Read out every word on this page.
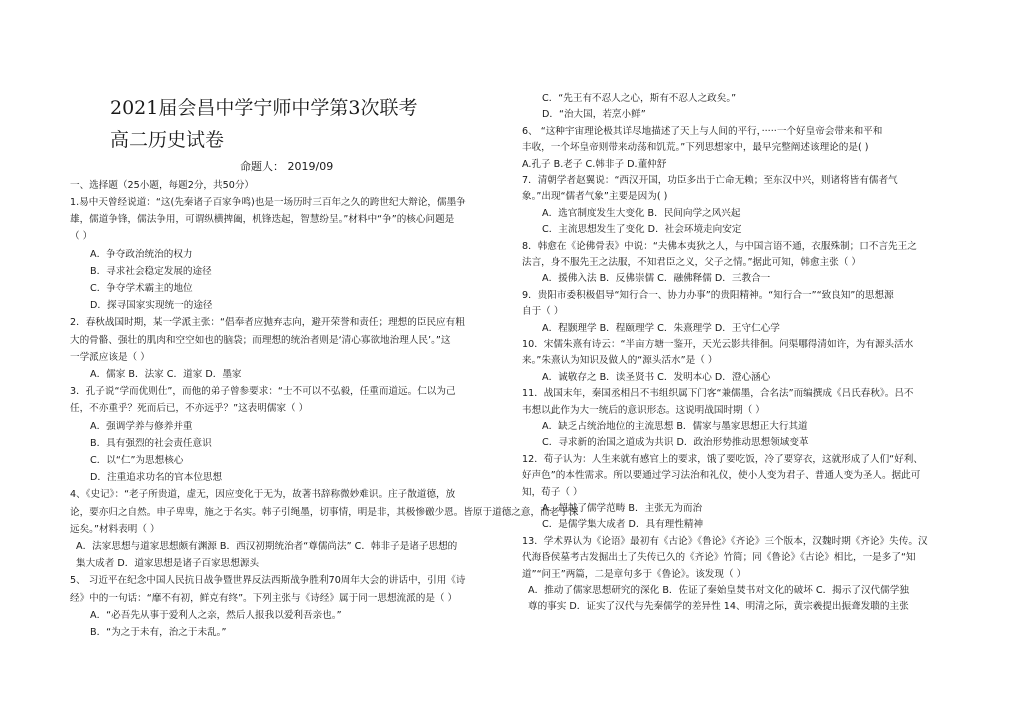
2021届会昌中学宁师中学第3次联考
高二历史试卷
命题人： 2019/09
一、选择题（25小题，每题2分，共50分）
1.易中天曾经说道：“这(先秦诸子百家争鸣)也是一场历时三百年之久的跨世纪大辩论，儒墨争
雄，儒道争锋，儒法争用，可谓纵横捭阖，机锋迭起，智慧纷呈。”材料中“争”的核心问题是
（ ）
A．争夺政治统治的权力
B．寻求社会稳定发展的途径
C．争夺学术霸主的地位
D．探寻国家实现统一的途径
2．春秋战国时期，某一学派主张：“倡奉者应抛弃志向，避开荣誉和责任；理想的臣民应有粗
大的骨骼、强壮的肌肉和空空如也的脑袋；而理想的统治者则是‘清心寡欲地治理人民’。”这
一学派应该是（ ）
A．儒家 B．法家 C．道家 D．墨家
3．孔子说“学而优则仕”，而他的弟子曾参要求：“士不可以不弘毅，任重而道远。仁以为己
任，不亦重乎？死而后已，不亦远乎？”这表明儒家（ ）
A．强调学养与修养并重
B．具有强烈的社会责任意识
C．以“仁”为思想核心
D．注重追求功名的官本位思想
4、《史记》：“老子所贵道，虚无，因应变化于无为，故著书辞称微妙难识。庄子散道德，放
论，要亦归之自然。申子卑卑，施之于名实。韩子引绳墨，切事情，明是非，其极惨礉少恩。皆原于道德之意，而老子深
远矣。”材料表明（ ）
A．法家思想与道家思想颇有渊源 B．西汉初期统治者“尊儒尚法” C．韩非子是诸子思想的
集大成者 D．道家思想是诸子百家思想源头
5、 习近平在纪念中国人民抗日战争暨世界反法西斯战争胜利70周年大会的讲话中，引用《诗
经》中的一句话：“靡不有初，鲜克有终”。下列主张与《诗经》属于同一思想流派的是（ ）
A．“必吾先从事于爱利人之亲，然后人报我以爱利吾亲也。”
B．“为之于未有，治之于未乱。”
C．“先王有不忍人之心，斯有不忍人之政矣。”
D．“治大国，若烹小鲜”
6、 “这种宇宙理论极其详尽地描述了天上与人间的平行，·····一个好皇帝会带来和平和
丰收，一个坏皇帝则带来动荡和饥荒。”下列思想家中，最早完整阐述该理论的是( )
A.孔子 B.老子 C.韩非子 D.董仲舒
7．清朝学者赵翼说：“西汉开国，功臣多出于亡命无赖；至东汉中兴，则诸将皆有儒者气
象。”出现“儒者气象”主要是因为( )
A．选官制度发生大变化 B．民间向学之风兴起
C．主流思想发生了变化 D．社会环境走向安定
8．韩愈在《论佛骨表》中说：“夫佛本夷狄之人，与中国言语不通，衣服殊制；口不言先王之
法言，身不服先王之法服，不知君臣之义，父子之情。”据此可知，韩愈主张（ ）
A．援佛入法 B．反佛崇儒 C．融佛释儒 D．三教合一
9．贵阳市委积极倡导“知行合一、协力办事”的贵阳精神。“知行合一”“致良知”的思想源
自于（ ）
A．程颢理学 B．程颐理学 C．朱熹理学 D．王守仁心学
10．宋儒朱熹有诗云：“半亩方塘一鉴开，天光云影共徘徊。问渠哪得清如许，为有源头活水
来。”朱熹认为知识及做人的“源头活水”是（ ）
A．诚敬存之 B．读圣贤书 C．发明本心 D．澄心涵心
11．战国末年，秦国丞相吕不韦组织属下门客“兼儒墨，合名法”而编撰成《吕氏春秋》。吕不
韦想以此作为大一统后的意识形态。这说明战国时期（ ）
A．缺乏占统治地位的主流思想 B．儒家与墨家思想正大行其道
C．寻求新的治国之道成为共识 D．政治形势推动思想领域变革
12．荀子认为：人生来就有感官上的要求，饿了要吃饭，冷了要穿衣，这就形成了人们“好利、
好声色”的本性需求。所以要通过学习法治和礼仪，使小人变为君子、普通人变为圣人。据此可
知，荀子（ ）
A．超越了儒学范畴 B．主张无为而治
C．是儒学集大成者 D．具有理性精神
13．学术界认为《论语》最初有《古论》《鲁论》《齐论》三个版本，汉魏时期《齐论》失传。汉
代海昏侯墓考古发掘出土了失传已久的《齐论》竹简；同《鲁论》《古论》相比，一是多了“知
道”“问王”两篇，二是章句多于《鲁论》。该发现（ ）
A．推动了儒家思想研究的深化 B．佐证了秦始皇焚书对文化的破坏 C．揭示了汉代儒学独
尊的事实 D．证实了汉代与先秦儒学的差异性 14、明清之际，黄宗羲提出振聋发聩的主张
